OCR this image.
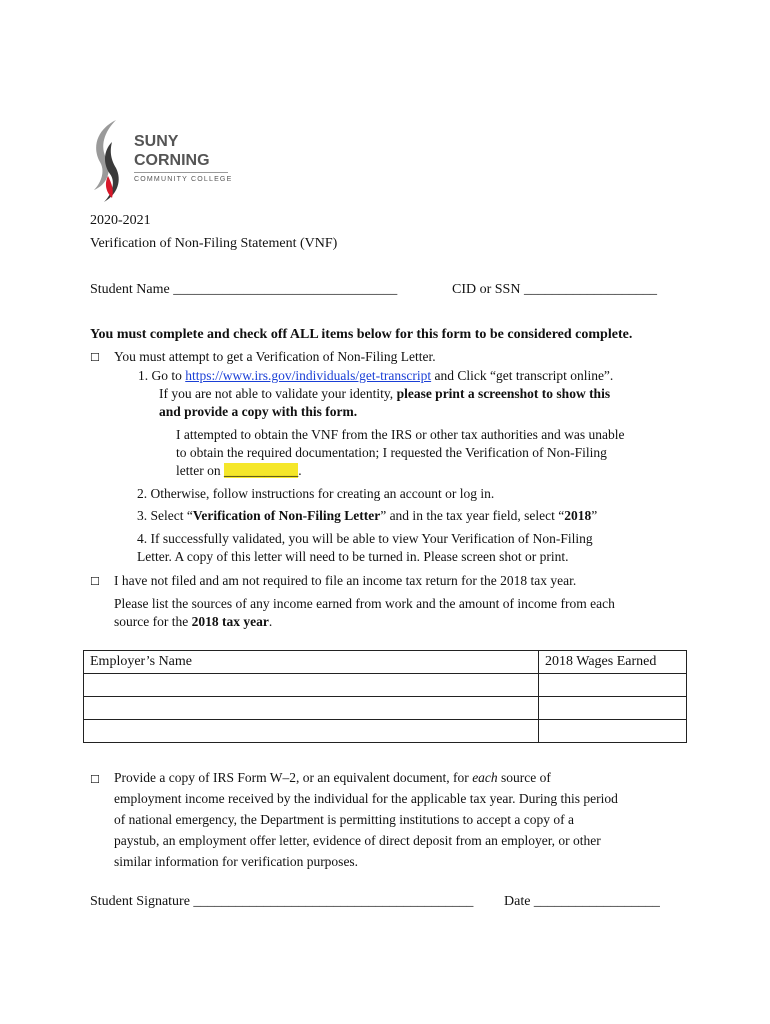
SUNY
CORNING
COMMUNITY COLLEGE
2020-2021
Verification of Non-Filing Statement (VNF)
Student Name ________________________________	CID or SSN ___________________
You must complete and check off ALL items below for this form to be considered complete.
☐ You must attempt to get a Verification of Non-Filing Letter.
1. Go to https://www.irs.gov/individuals/get-transcript and Click “get transcript online”.
If you are not able to validate your identity, please print a screenshot to show this
and provide a copy with this form.
I attempted to obtain the VNF from the IRS or other tax authorities and was unable
to obtain the required documentation; I requested the Verification of Non-Filing
letter on ___________.
2. Otherwise, follow instructions for creating an account or log in.
3. Select “Verification of Non-Filing Letter” and in the tax year field, select “2018”
4. If successfully validated, you will be able to view Your Verification of Non-Filing
Letter. A copy of this letter will need to be turned in. Please screen shot or print.
☐ I have not filed and am not required to file an income tax return for the 2018 tax year.
Please list the sources of any income earned from work and the amount of income from each
source for the 2018 tax year.
Employer’s Name	2018 Wages Earned

☐ Provide a copy of IRS Form W–2, or an equivalent document, for each source of
employment income received by the individual for the applicable tax year. During this period
of national emergency, the Department is permitting institutions to accept a copy of a
paystub, an employment offer letter, evidence of direct deposit from an employer, or other
similar information for verification purposes.
Student Signature ________________________________________ Date __________________
